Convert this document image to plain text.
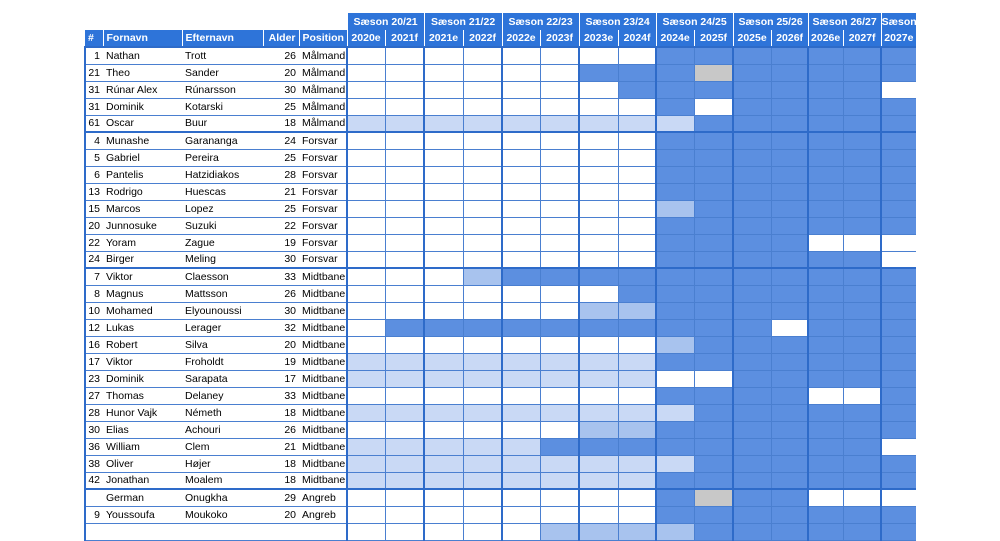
					Sæson 20/21		Sæson 21/22		Sæson 22/23		Sæson 23/24		Sæson 24/25		Sæson 25/26		Sæson 26/27		Sæson 2
#	Fornavn	Efternavn	Alder	Position	2020e	2021f	2021e	2022f	2022e	2023f	2023e	2024f	2024e	2025f	2025e	2026f	2026e	2027f	2027e
1	Nathan	Trott	26	Målmand															
21	Theo	Sander	20	Målmand															
31	Rúnar Alex	Rúnarsson	30	Målmand															
31	Dominik	Kotarski	25	Målmand															
61	Oscar	Buur	18	Målmand															
4	Munashe	Garananga	24	Forsvar															
5	Gabriel	Pereira	25	Forsvar															
6	Pantelis	Hatzidiakos	28	Forsvar															
13	Rodrigo	Huescas	21	Forsvar															
15	Marcos	Lopez	25	Forsvar															
20	Junnosuke	Suzuki	22	Forsvar															
22	Yoram	Zague	19	Forsvar															
24	Birger	Meling	30	Forsvar															
7	Viktor	Claesson	33	Midtbane															
8	Magnus	Mattsson	26	Midtbane															
10	Mohamed	Elyounoussi	30	Midtbane															
12	Lukas	Lerager	32	Midtbane															
16	Robert	Silva	20	Midtbane															
17	Viktor	Froholdt	19	Midtbane															
23	Dominik	Sarapata	17	Midtbane															
27	Thomas	Delaney	33	Midtbane															
28	Hunor Vajk	Németh	18	Midtbane															
30	Elias	Achouri	26	Midtbane															
36	William	Clem	21	Midtbane															
38	Oliver	Højer	18	Midtbane															
42	Jonathan	Moalem	18	Midtbane															
	German	Onugkha	29	Angreb															
9	Youssoufa	Moukoko	20	Angreb															
